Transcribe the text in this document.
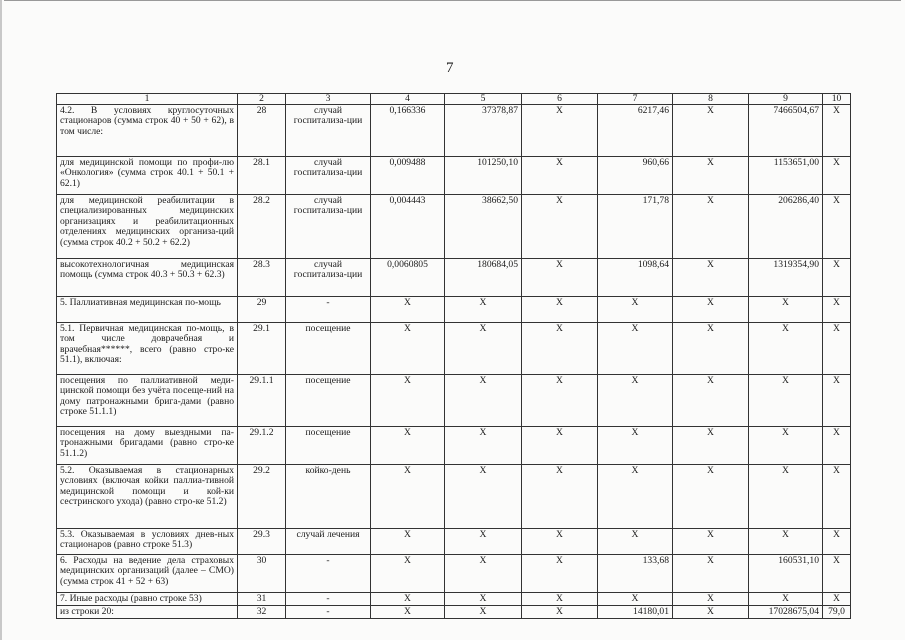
7
1	2	3	4	5	6	7	8	9	10
4.2. В условиях круглосуточных стационаров (сумма строк 40 + 50 + 62), в том числе:	28	случай госпитализа-ции	0,166336	37378,87	X	6217,46	X	7466504,67	X
для медицинской помощи по профи-лю «Онкология» (сумма строк 40.1 + 50.1 + 62.1)	28.1	случай госпитализа-ции	0,009488	101250,10	X	960,66	X	1153651,00	X
для медицинской реабилитации в специализированных медицинских организациях и реабилитационных отделениях медицинских организа-ций (сумма строк 40.2 + 50.2 + 62.2)	28.2	случай госпитализа-ции	0,004443	38662,50	X	171,78	X	206286,40	X
высокотехнологичная медицинская помощь (сумма строк 40.3 + 50.3 + 62.3)	28.3	случай госпитализа-ции	0,0060805	180684,05	X	1098,64	X	1319354,90	X
5. Паллиативная медицинская по-мощь	29	-	X	X	X	X	X	X	X
5.1. Первичная медицинская по-мощь, в том числе доврачебная и врачебная******, всего (равно стро-ке 51.1), включая:	29.1	посещение	X	X	X	X	X	X	X
посещения по паллиативной меди-цинской помощи без учёта посеще-ний на дому патронажными брига-дами (равно строке 51.1.1)	29.1.1	посещение	X	X	X	X	X	X	X
посещения на дому выездными па-тронажными бригадами (равно стро-ке 51.1.2)	29.1.2	посещение	X	X	X	X	X	X	X
5.2. Оказываемая в стационарных условиях (включая койки паллиа-тивной медицинской помощи и кой-ки сестринского ухода) (равно стро-ке 51.2)	29.2	койко-день	X	X	X	X	X	X	X
5.3. Оказываемая в условиях днев-ных стационаров (равно строке 51.3)	29.3	случай лечения	X	X	X	X	X	X	X
6. Расходы на ведение дела страховых медицинских организаций (далее – СМО) (сумма строк 41 + 52 + 63)	30	-	X	X	X	133,68	X	160531,10	X
7. Иные расходы (равно строке 53)	31	-	X	X	X	X	X	X	X
из строки 20:	32	-	X	X	X	14180,01	X	17028675,04	79,0
